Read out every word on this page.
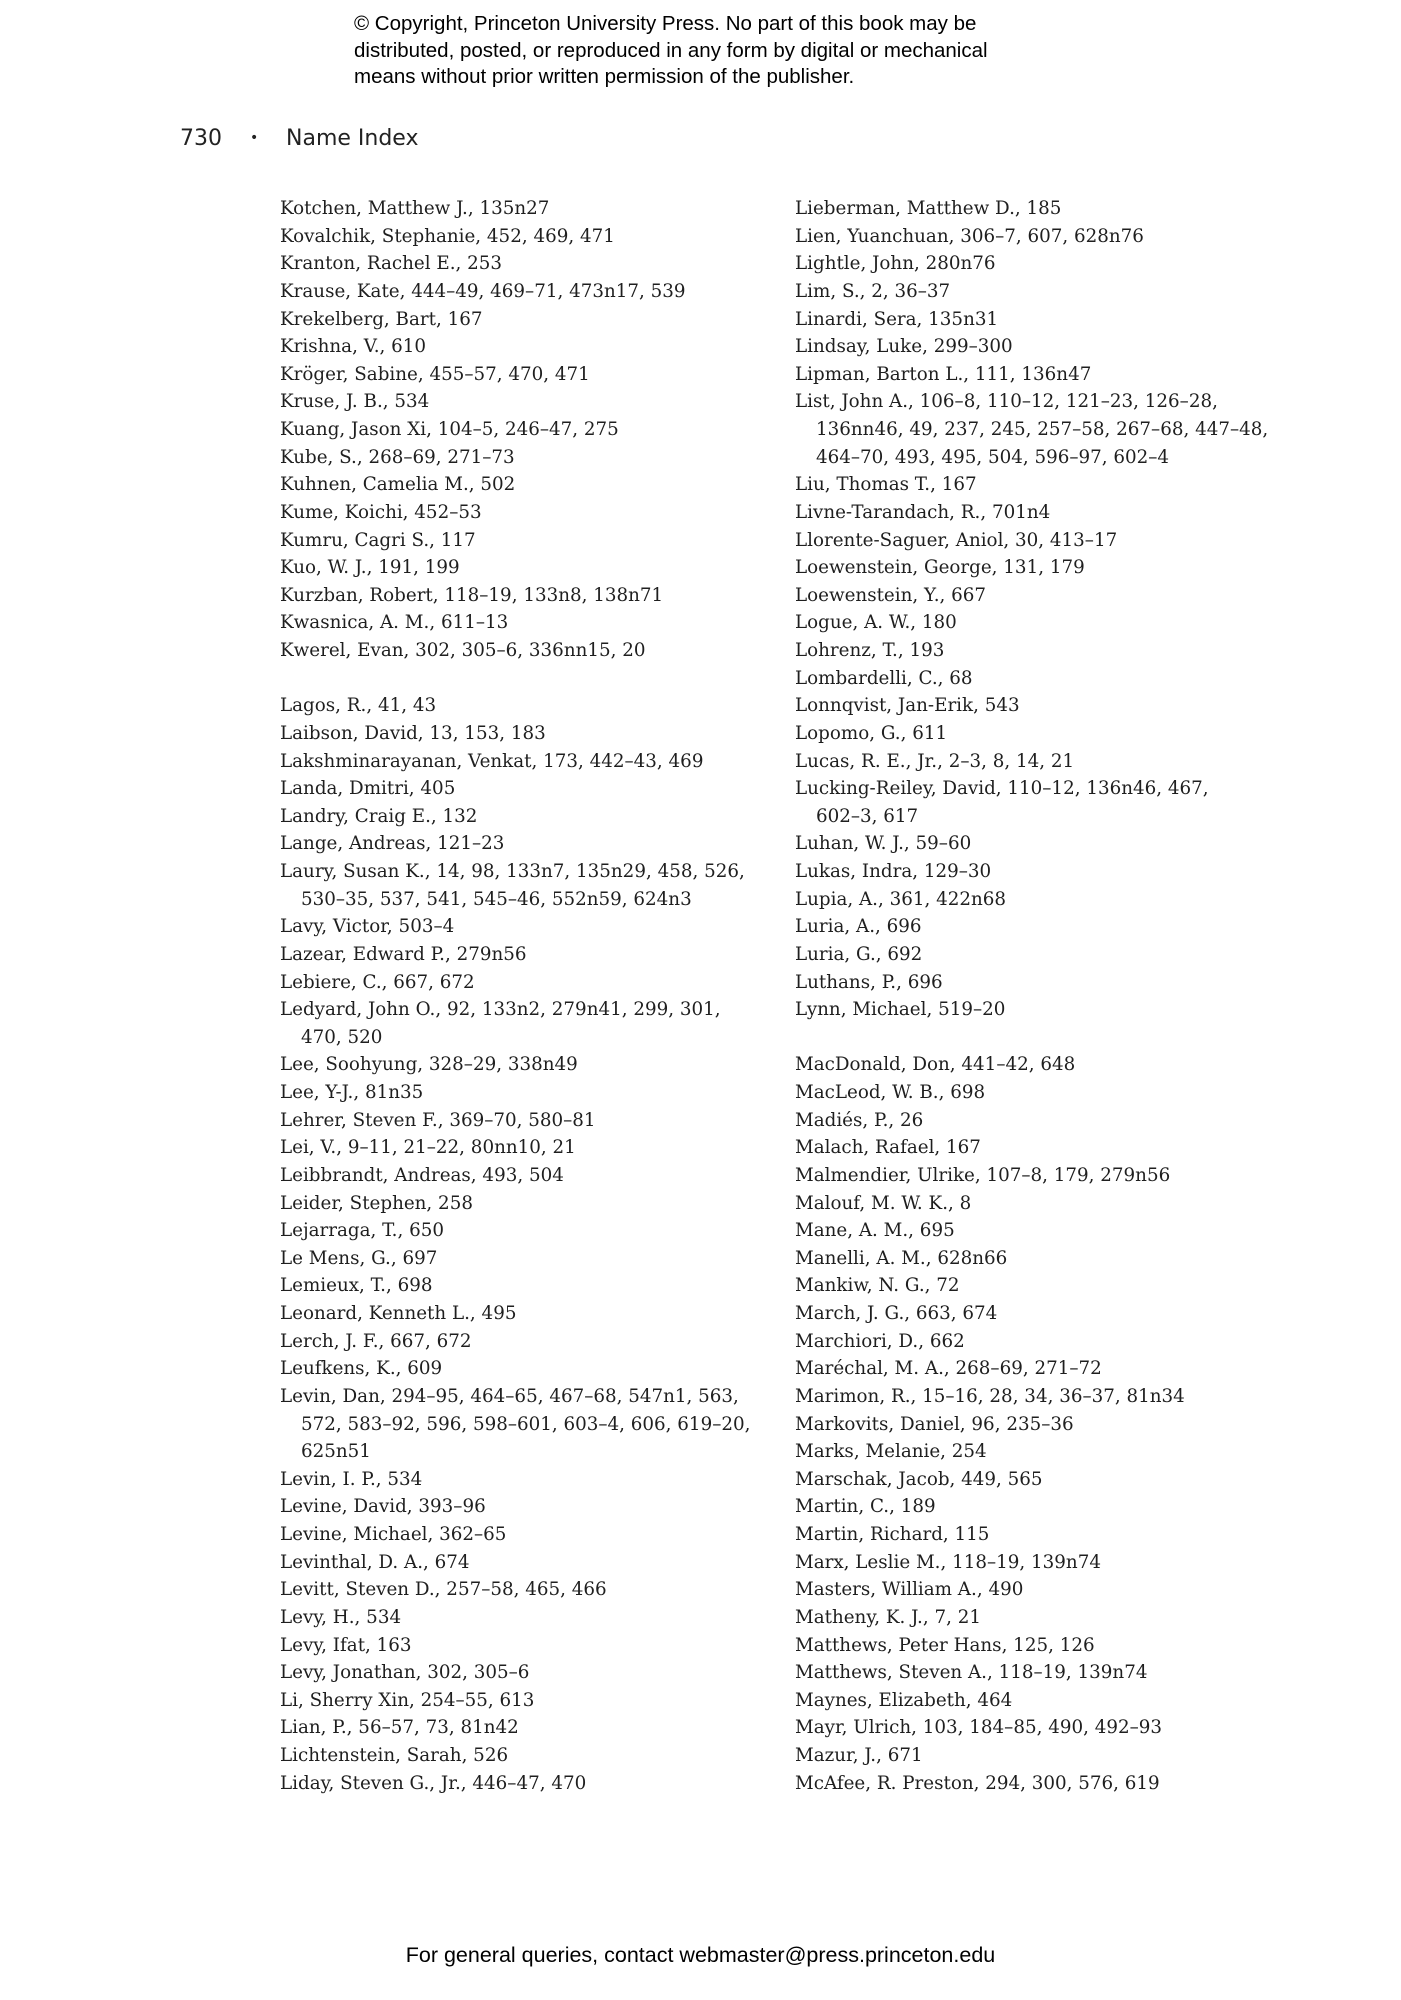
© Copyright, Princeton University Press. No part of this book may be
distributed, posted, or reproduced in any form by digital or mechanical
means without prior written permission of the publisher.
730 • Name Index
Kotchen, Matthew J., 135n27
Kovalchik, Stephanie, 452, 469, 471
Kranton, Rachel E., 253
Krause, Kate, 444–49, 469–71, 473n17, 539
Krekelberg, Bart, 167
Krishna, V., 610
Kröger, Sabine, 455–57, 470, 471
Kruse, J. B., 534
Kuang, Jason Xi, 104–5, 246–47, 275
Kube, S., 268–69, 271–73
Kuhnen, Camelia M., 502
Kume, Koichi, 452–53
Kumru, Cagri S., 117
Kuo, W. J., 191, 199
Kurzban, Robert, 118–19, 133n8, 138n71
Kwasnica, A. M., 611–13
Kwerel, Evan, 302, 305–6, 336nn15, 20
Lagos, R., 41, 43
Laibson, David, 13, 153, 183
Lakshminarayanan, Venkat, 173, 442–43, 469
Landa, Dmitri, 405
Landry, Craig E., 132
Lange, Andreas, 121–23
Laury, Susan K., 14, 98, 133n7, 135n29, 458, 526,
530–35, 537, 541, 545–46, 552n59, 624n3
Lavy, Victor, 503–4
Lazear, Edward P., 279n56
Lebiere, C., 667, 672
Ledyard, John O., 92, 133n2, 279n41, 299, 301,
470, 520
Lee, Soohyung, 328–29, 338n49
Lee, Y-J., 81n35
Lehrer, Steven F., 369–70, 580–81
Lei, V., 9–11, 21–22, 80nn10, 21
Leibbrandt, Andreas, 493, 504
Leider, Stephen, 258
Lejarraga, T., 650
Le Mens, G., 697
Lemieux, T., 698
Leonard, Kenneth L., 495
Lerch, J. F., 667, 672
Leufkens, K., 609
Levin, Dan, 294–95, 464–65, 467–68, 547n1, 563,
572, 583–92, 596, 598–601, 603–4, 606, 619–20,
625n51
Levin, I. P., 534
Levine, David, 393–96
Levine, Michael, 362–65
Levinthal, D. A., 674
Levitt, Steven D., 257–58, 465, 466
Levy, H., 534
Levy, Ifat, 163
Levy, Jonathan, 302, 305–6
Li, Sherry Xin, 254–55, 613
Lian, P., 56–57, 73, 81n42
Lichtenstein, Sarah, 526
Liday, Steven G., Jr., 446–47, 470
Lieberman, Matthew D., 185
Lien, Yuanchuan, 306–7, 607, 628n76
Lightle, John, 280n76
Lim, S., 2, 36–37
Linardi, Sera, 135n31
Lindsay, Luke, 299–300
Lipman, Barton L., 111, 136n47
List, John A., 106–8, 110–12, 121–23, 126–28,
136nn46, 49, 237, 245, 257–58, 267–68, 447–48,
464–70, 493, 495, 504, 596–97, 602–4
Liu, Thomas T., 167
Livne-Tarandach, R., 701n4
Llorente-Saguer, Aniol, 30, 413–17
Loewenstein, George, 131, 179
Loewenstein, Y., 667
Logue, A. W., 180
Lohrenz, T., 193
Lombardelli, C., 68
Lonnqvist, Jan-Erik, 543
Lopomo, G., 611
Lucas, R. E., Jr., 2–3, 8, 14, 21
Lucking-Reiley, David, 110–12, 136n46, 467,
602–3, 617
Luhan, W. J., 59–60
Lukas, Indra, 129–30
Lupia, A., 361, 422n68
Luria, A., 696
Luria, G., 692
Luthans, P., 696
Lynn, Michael, 519–20
MacDonald, Don, 441–42, 648
MacLeod, W. B., 698
Madiés, P., 26
Malach, Rafael, 167
Malmendier, Ulrike, 107–8, 179, 279n56
Malouf, M. W. K., 8
Mane, A. M., 695
Manelli, A. M., 628n66
Mankiw, N. G., 72
March, J. G., 663, 674
Marchiori, D., 662
Maréchal, M. A., 268–69, 271–72
Marimon, R., 15–16, 28, 34, 36–37, 81n34
Markovits, Daniel, 96, 235–36
Marks, Melanie, 254
Marschak, Jacob, 449, 565
Martin, C., 189
Martin, Richard, 115
Marx, Leslie M., 118–19, 139n74
Masters, William A., 490
Matheny, K. J., 7, 21
Matthews, Peter Hans, 125, 126
Matthews, Steven A., 118–19, 139n74
Maynes, Elizabeth, 464
Mayr, Ulrich, 103, 184–85, 490, 492–93
Mazur, J., 671
McAfee, R. Preston, 294, 300, 576, 619
For general queries, contact webmaster@press.princeton.edu
